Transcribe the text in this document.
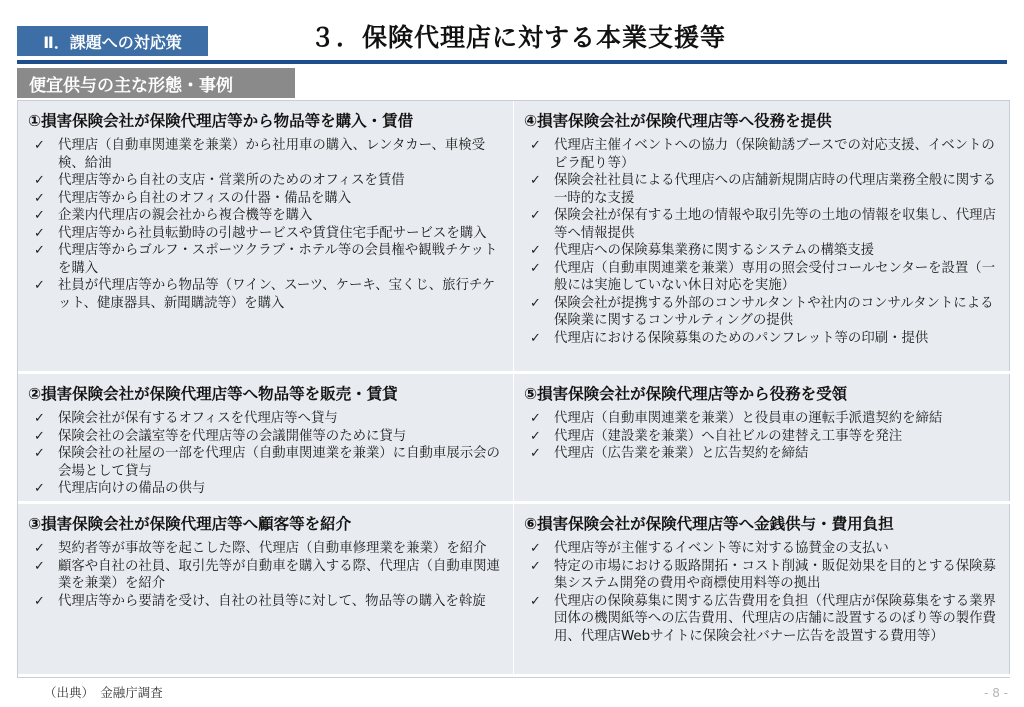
Ⅱ．課題への対応策	３．保険代理店に対する本業支援等
便宜供与の主な形態・事例
①損害保険会社が保険代理店等から物品等を購入・賃借
✓ 代理店（自動車関連業を兼業）から社用車の購入、レンタカー、車検受検、給油
✓ 代理店等から自社の支店・営業所のためのオフィスを賃借
✓ 代理店等から自社のオフィスの什器・備品を購入
✓ 企業内代理店の親会社から複合機等を購入
✓ 代理店等から社員転勤時の引越サービスや賃貸住宅手配サービスを購入
✓ 代理店等からゴルフ・スポーツクラブ・ホテル等の会員権や観戦チケットを購入
✓ 社員が代理店等から物品等（ワイン、スーツ、ケーキ、宝くじ、旅行チケット、健康器具、新聞購読等）を購入
④損害保険会社が保険代理店等へ役務を提供
✓ 代理店主催イベントへの協力（保険勧誘ブースでの対応支援、イベントのビラ配り等）
✓ 保険会社社員による代理店への店舗新規開店時の代理店業務全般に関する一時的な支援
✓ 保険会社が保有する土地の情報や取引先等の土地の情報を収集し、代理店等へ情報提供
✓ 代理店への保険募集業務に関するシステムの構築支援
✓ 代理店（自動車関連業を兼業）専用の照会受付コールセンターを設置（一般には実施していない休日対応を実施）
✓ 保険会社が提携する外部のコンサルタントや社内のコンサルタントによる保険業に関するコンサルティングの提供
✓ 代理店における保険募集のためのパンフレット等の印刷・提供
②損害保険会社が保険代理店等へ物品等を販売・賃貸
✓ 保険会社が保有するオフィスを代理店等へ貸与
✓ 保険会社の会議室等を代理店等の会議開催等のために貸与
✓ 保険会社の社屋の一部を代理店（自動車関連業を兼業）に自動車展示会の会場として貸与
✓ 代理店向けの備品の供与
⑤損害保険会社が保険代理店等から役務を受領
✓ 代理店（自動車関連業を兼業）と役員車の運転手派遣契約を締結
✓ 代理店（建設業を兼業）へ自社ビルの建替え工事等を発注
✓ 代理店（広告業を兼業）と広告契約を締結
③損害保険会社が保険代理店等へ顧客等を紹介
✓ 契約者等が事故等を起こした際、代理店（自動車修理業を兼業）を紹介
✓ 顧客や自社の社員、取引先等が自動車を購入する際、代理店（自動車関連業を兼業）を紹介
✓ 代理店等から要請を受け、自社の社員等に対して、物品等の購入を斡旋
⑥損害保険会社が保険代理店等へ金銭供与・費用負担
✓ 代理店等が主催するイベント等に対する協賛金の支払い
✓ 特定の市場における販路開拓・コスト削減・販促効果を目的とする保険募集システム開発の費用や商標使用料等の拠出
✓ 代理店の保険募集に関する広告費用を負担（代理店が保険募集をする業界団体の機関紙等への広告費用、代理店の店舗に設置するのぼり等の製作費用、代理店Webサイトに保険会社バナー広告を設置する費用等）
（出典）　金融庁調査	- 8 -
